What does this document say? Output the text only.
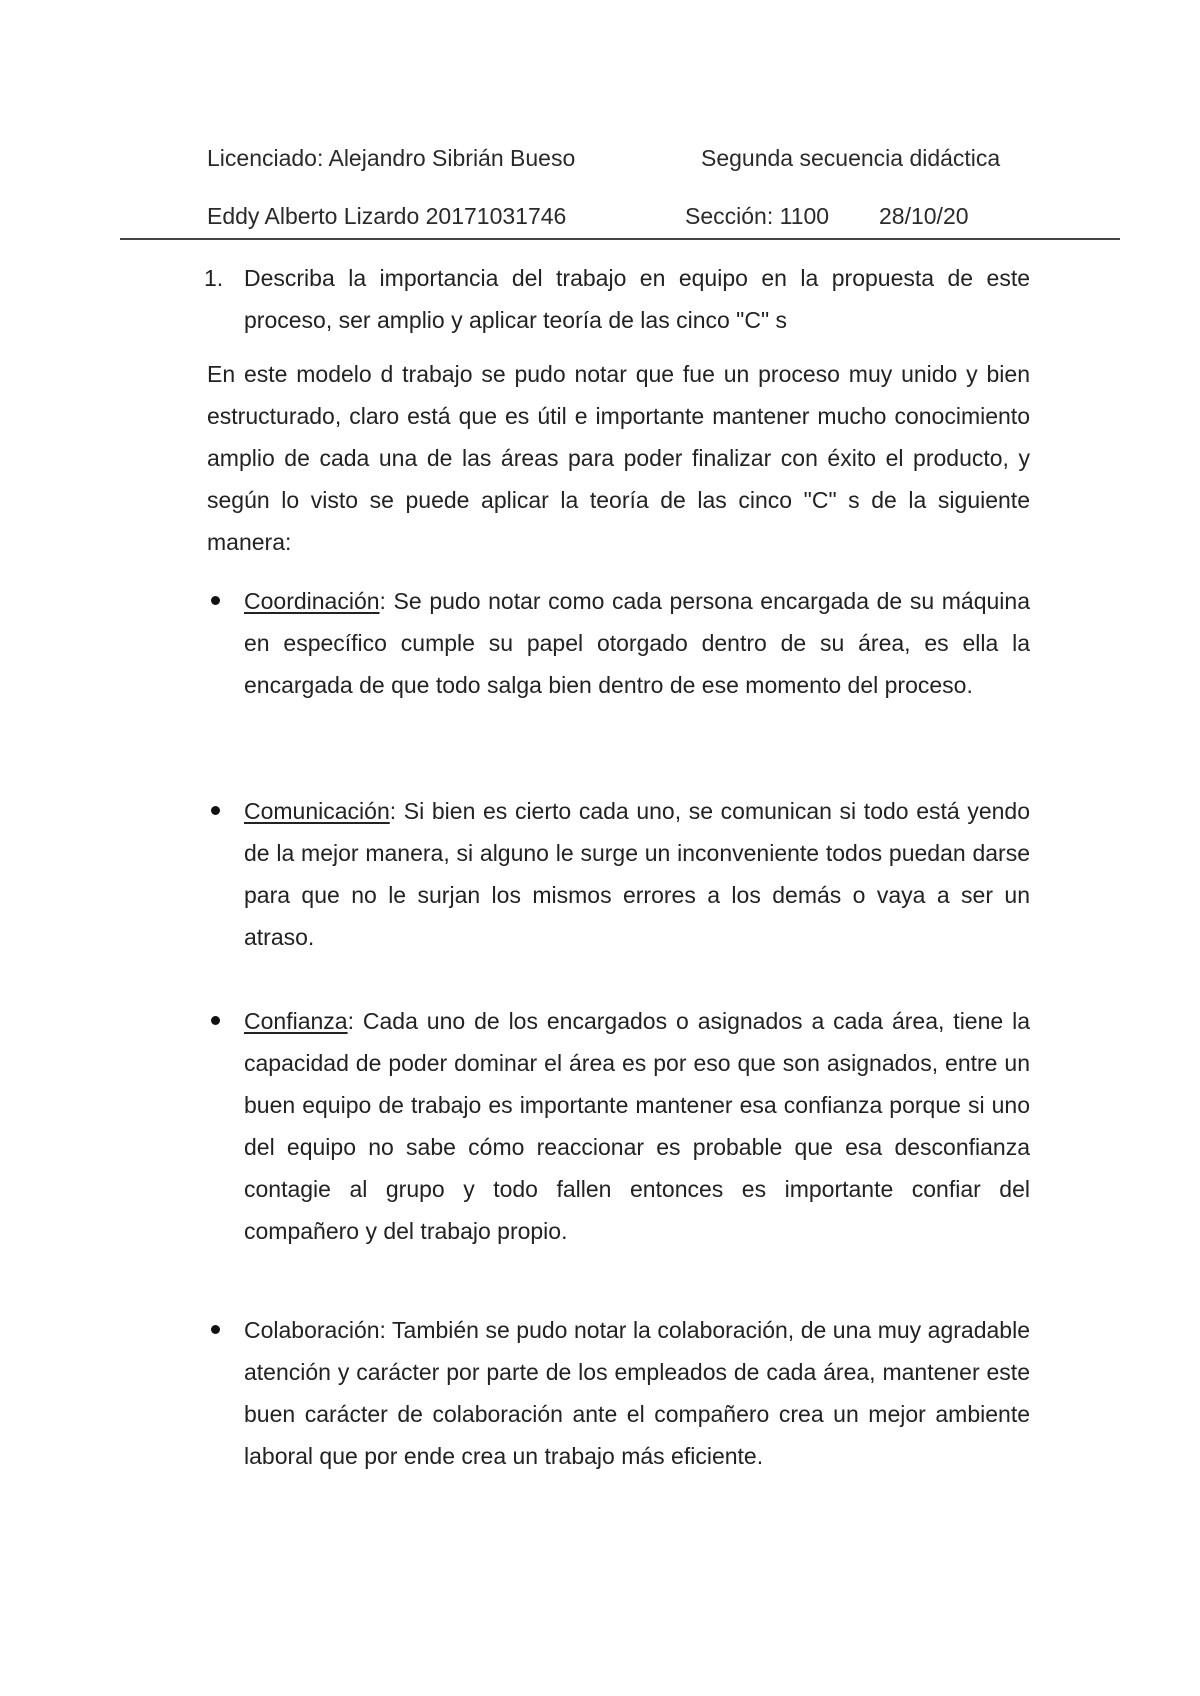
Licenciado: Alejandro Sibrián Bueso	Segunda secuencia didáctica
Eddy Alberto Lizardo 20171031746	Sección: 1100 28/10/20
1. Describa la importancia del trabajo en equipo en la propuesta de este proceso, ser amplio y aplicar teoría de las cinco "C" s
En este modelo d trabajo se pudo notar que fue un proceso muy unido y bien estructurado, claro está que es útil e importante mantener mucho conocimiento amplio de cada una de las áreas para poder finalizar con éxito el producto, y según lo visto se puede aplicar la teoría de las cinco "C" s de la siguiente manera:
Coordinación: Se pudo notar como cada persona encargada de su máquina en específico cumple su papel otorgado dentro de su área, es ella la encargada de que todo salga bien dentro de ese momento del proceso.
Comunicación: Si bien es cierto cada uno, se comunican si todo está yendo de la mejor manera, si alguno le surge un inconveniente todos puedan darse para que no le surjan los mismos errores a los demás o vaya a ser un atraso.
Confianza: Cada uno de los encargados o asignados a cada área, tiene la capacidad de poder dominar el área es por eso que son asignados, entre un buen equipo de trabajo es importante mantener esa confianza porque si uno del equipo no sabe cómo reaccionar es probable que esa desconfianza contagie al grupo y todo fallen entonces es importante confiar del compañero y del trabajo propio.
Colaboración: También se pudo notar la colaboración, de una muy agradable atención y carácter por parte de los empleados de cada área, mantener este buen carácter de colaboración ante el compañero crea un mejor ambiente laboral que por ende crea un trabajo más eficiente.
